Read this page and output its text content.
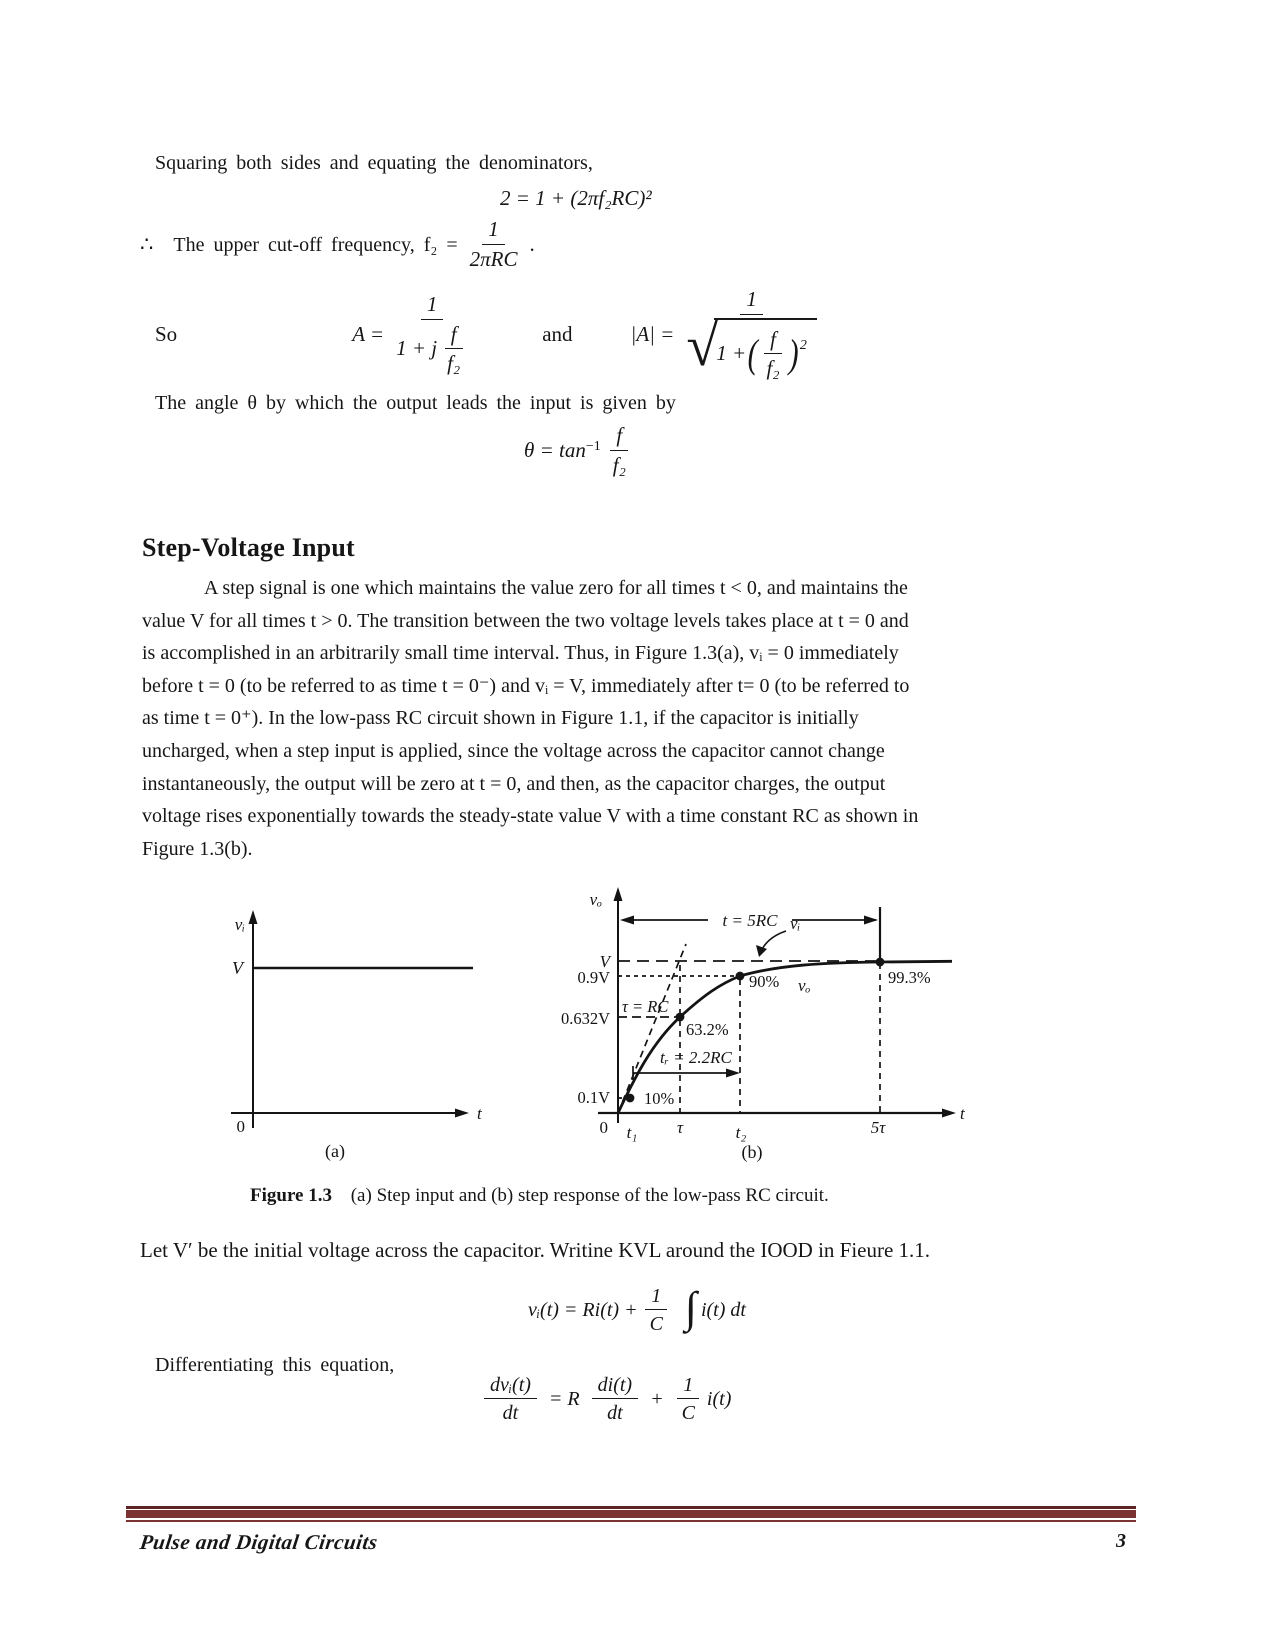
Squaring both sides and equating the denominators,
2 = 1 + (2πf₂RC)²
∴ The upper cut-off frequency, $f_2 = \frac{1}{\text{2πRC}}$ .
So	$A = \frac{1}{1 + j \frac{f}{\text{f₂}}}$	and	|A| =
1
√
1 + ( $\frac{f}{\text{f₂}}$ ) 2
The angle θ by which the output leads the input is given by
$\theta = \tan -1 \frac{f}{\text{f₂}}$
Step-Voltage Input
A step signal is one which maintains the value zero for all times t < 0, and maintains the
value V for all times t > 0. The transition between the two voltage levels takes place at t = 0 and
is accomplished in an arbitrarily small time interval. Thus, in Figure 1.3(a), vᵢ = 0 immediately
before t = 0 (to be referred to as time t = 0⁻) and vᵢ = V, immediately after t= 0 (to be referred to
as time t = 0⁺). In the low-pass RC circuit shown in Figure 1.1, if the capacitor is initially
uncharged, when a step input is applied, since the voltage across the capacitor cannot change
instantaneously, the output will be zero at t = 0, and then, as the capacitor charges, the output
voltage rises exponentially towards the steady-state value V with a time constant RC as shown in
Figure 1.3(b).
vᵢ
V
0
t
(a)
t = 5RC
tᵣ = 2.2RC
vᵢ
vₒ
10%
63.2%
90%	99.3%
τ = RC
V
0.9V
0.632V
0.1V
vₒ
0 t₁ τ	t₂	5τ
t
(b)
Figure 1.3 (a) Step input and (b) step response of the low-pass RC circuit.
Let V′ be the initial voltage across the capacitor. Writine KVL around the IOOD in Fieure 1.1.
vᵢ(t) = $Ri(t) + \frac{1}{C}$ ∫ i(t) dt
Differentiating this equation,
$\frac{\text{dvᵢ(t)}}{dt} = R \frac{di(t)}{dt} + \frac{1}{C} i(t)$
Pulse and Digital Circuits	3
